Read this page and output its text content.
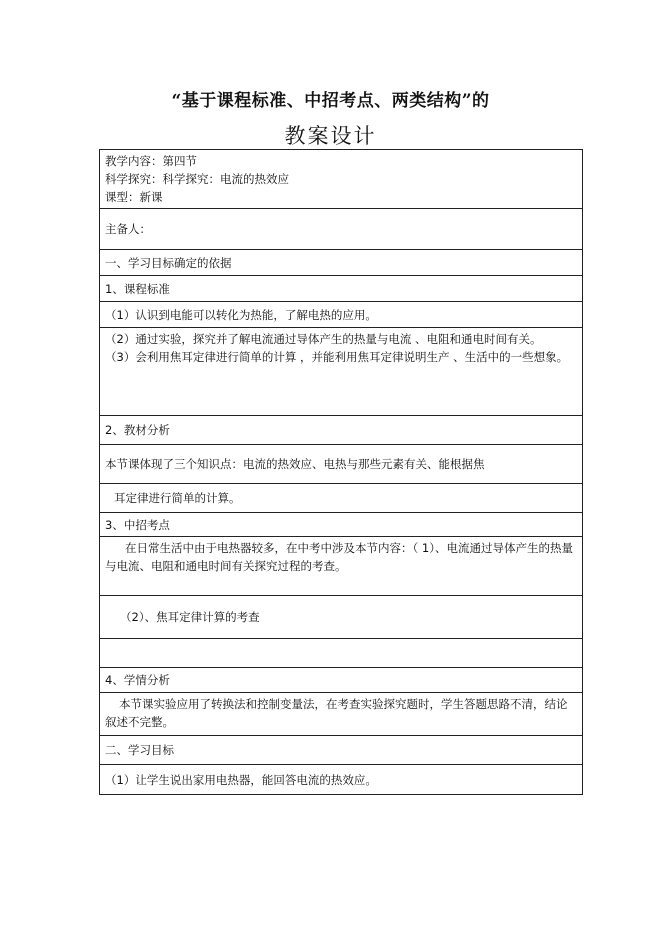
“基于课程标准、中招考点、两类结构”的
教案设计
教学内容：第四节
科学探究：科学探究：电流的热效应
课型：新课

主备人：
一、学习目标确定的依据
1、课程标准
（1）认识到电能可以转化为热能，了解电热的应用。

（2）通过实验，探究并了解电流通过导体产生的热量与电流 、电阻和通电时间有关。
（3）会利用焦耳定律进行简单的计算 ，并能利用焦耳定律说明生产 、生活中的一些想象。

2、教材分析
本节课体现了三个知识点：电流的热效应、电热与那些元素有关、能根据焦
耳定律进行简单的计算。
3、中招考点
在日常生活中由于电热器较多，在中考中涉及本节内容：（ 1）、电流通过导体产生的热量与电流、电阻和通电时间有关探究过程的考查。
（2）、焦耳定律计算的考查

4、学情分析
本节课实验应用了转换法和控制变量法，在考查实验探究题时，学生答题思路不清，结论叙述不完整。
二、学习目标
（1）让学生说出家用电热器，能回答电流的热效应。
